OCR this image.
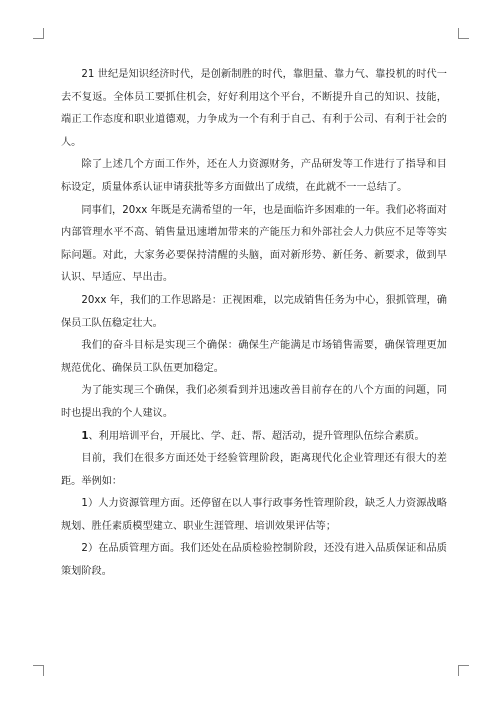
21 世纪是知识经济时代，是创新制胜的时代，靠胆量、靠力气、靠投机的时代一去不复返。全体员工要抓住机会，好好利用这个平台，不断提升自己的知识、技能，端正工作态度和职业道德观，力争成为一个有利于自己、有利于公司、有利于社会的人。

除了上述几个方面工作外，还在人力资源财务，产品研发等工作进行了指导和目标设定，质量体系认证申请获批等多方面做出了成绩，在此就不一一总结了。

同事们，20xx 年既是充满希望的一年，也是面临许多困难的一年。我们必将面对内部管理水平不高、销售量迅速增加带来的产能压力和外部社会人力供应不足等等实际问题。对此，大家务必要保持清醒的头脑，面对新形势、新任务、新要求，做到早认识、早适应、早出击。

20xx 年，我们的工作思路是：正视困难，以完成销售任务为中心，狠抓管理，确保员工队伍稳定壮大。

我们的奋斗目标是实现三个确保：确保生产能满足市场销售需要，确保管理更加规范优化、确保员工队伍更加稳定。

为了能实现三个确保，我们必须看到并迅速改善目前存在的八个方面的问题，同时也提出我的个人建议。

1、利用培训平台，开展比、学、赶、帮、超活动，提升管理队伍综合素质。

目前，我们在很多方面还处于经验管理阶段，距离现代化企业管理还有很大的差距。举例如：

1）人力资源管理方面。还停留在以人事行政事务性管理阶段，缺乏人力资源战略规划、胜任素质模型建立、职业生涯管理、培训效果评估等；

2）在品质管理方面。我们还处在品质检验控制阶段，还没有进入品质保证和品质策划阶段。
